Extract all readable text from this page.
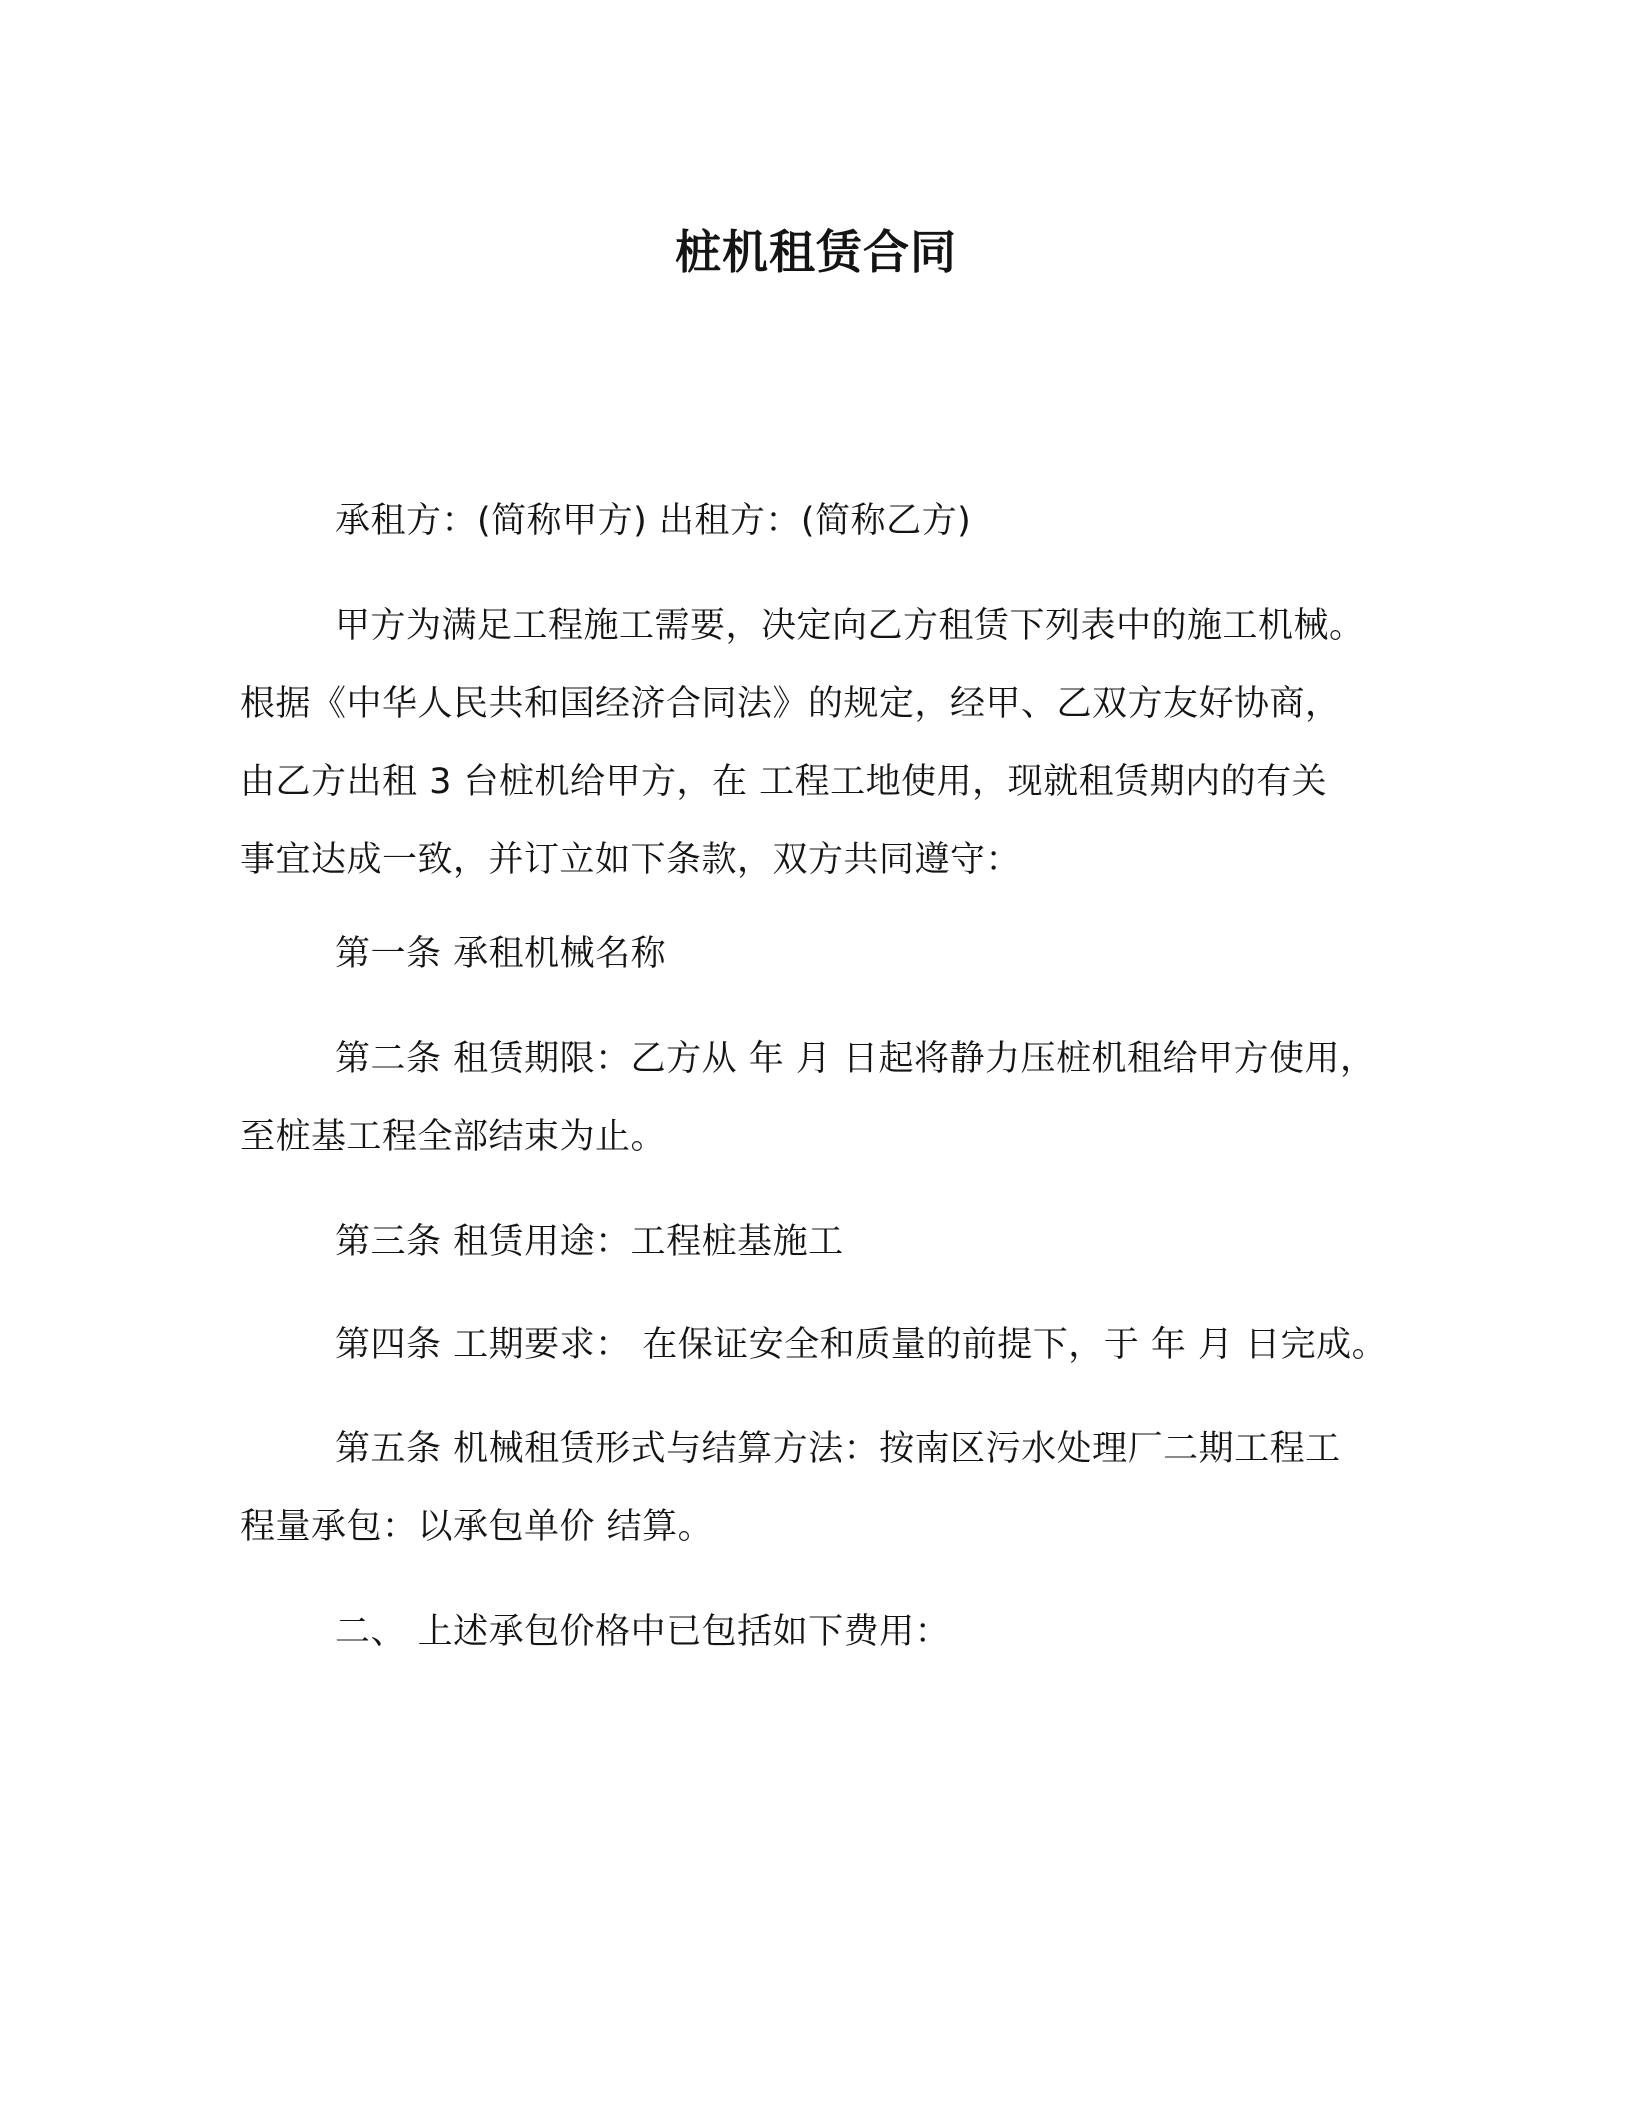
桩机租赁合同

承租方：(简称甲方) 出租方：(简称乙方)

甲方为满足工程施工需要，决定向乙方租赁下列表中的施工机械。
根据《中华人民共和国经济合同法》的规定，经甲、乙双方友好协商，
由乙方出租 3 台桩机给甲方，在 工程工地使用，现就租赁期内的有关
事宜达成一致，并订立如下条款，双方共同遵守：

第一条 承租机械名称

第二条 租赁期限：乙方从 年 月 日起将静力压桩机租给甲方使用，
至桩基工程全部结束为止。

第三条 租赁用途：工程桩基施工

第四条 工期要求： 在保证安全和质量的前提下，于 年 月 日完成。

第五条 机械租赁形式与结算方法：按南区污水处理厂二期工程工
程量承包：以承包单价 结算。

二、 上述承包价格中已包括如下费用：
